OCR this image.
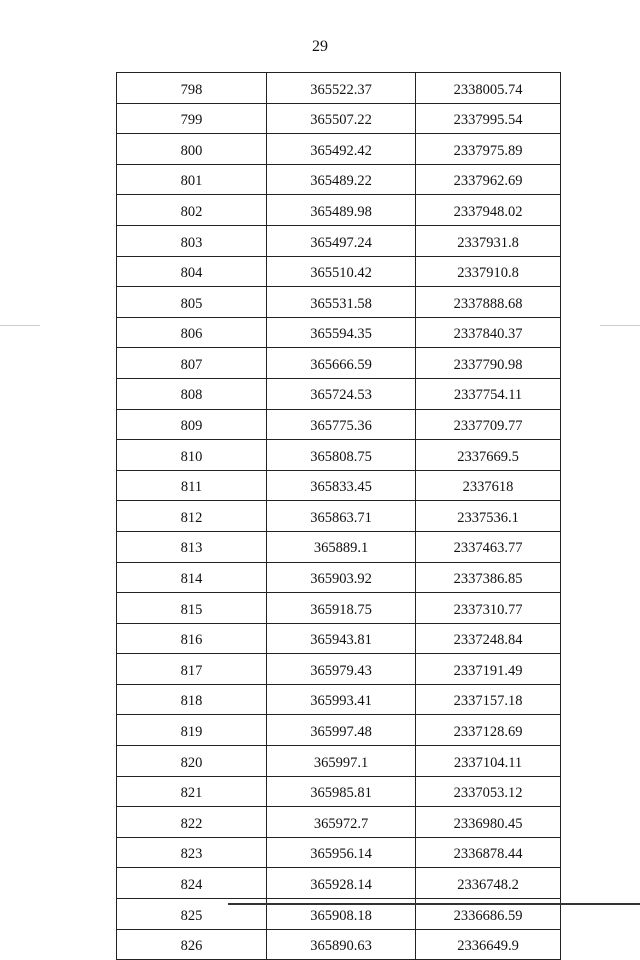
29
798	365522.37	2338005.74
799	365507.22	2337995.54
800	365492.42	2337975.89
801	365489.22	2337962.69
802	365489.98	2337948.02
803	365497.24	2337931.8
804	365510.42	2337910.8
805	365531.58	2337888.68
806	365594.35	2337840.37
807	365666.59	2337790.98
808	365724.53	2337754.11
809	365775.36	2337709.77
810	365808.75	2337669.5
811	365833.45	2337618
812	365863.71	2337536.1
813	365889.1	2337463.77
814	365903.92	2337386.85
815	365918.75	2337310.77
816	365943.81	2337248.84
817	365979.43	2337191.49
818	365993.41	2337157.18
819	365997.48	2337128.69
820	365997.1	2337104.11
821	365985.81	2337053.12
822	365972.7	2336980.45
823	365956.14	2336878.44
824	365928.14	2336748.2
825	365908.18	2336686.59
826	365890.63	2336649.9
